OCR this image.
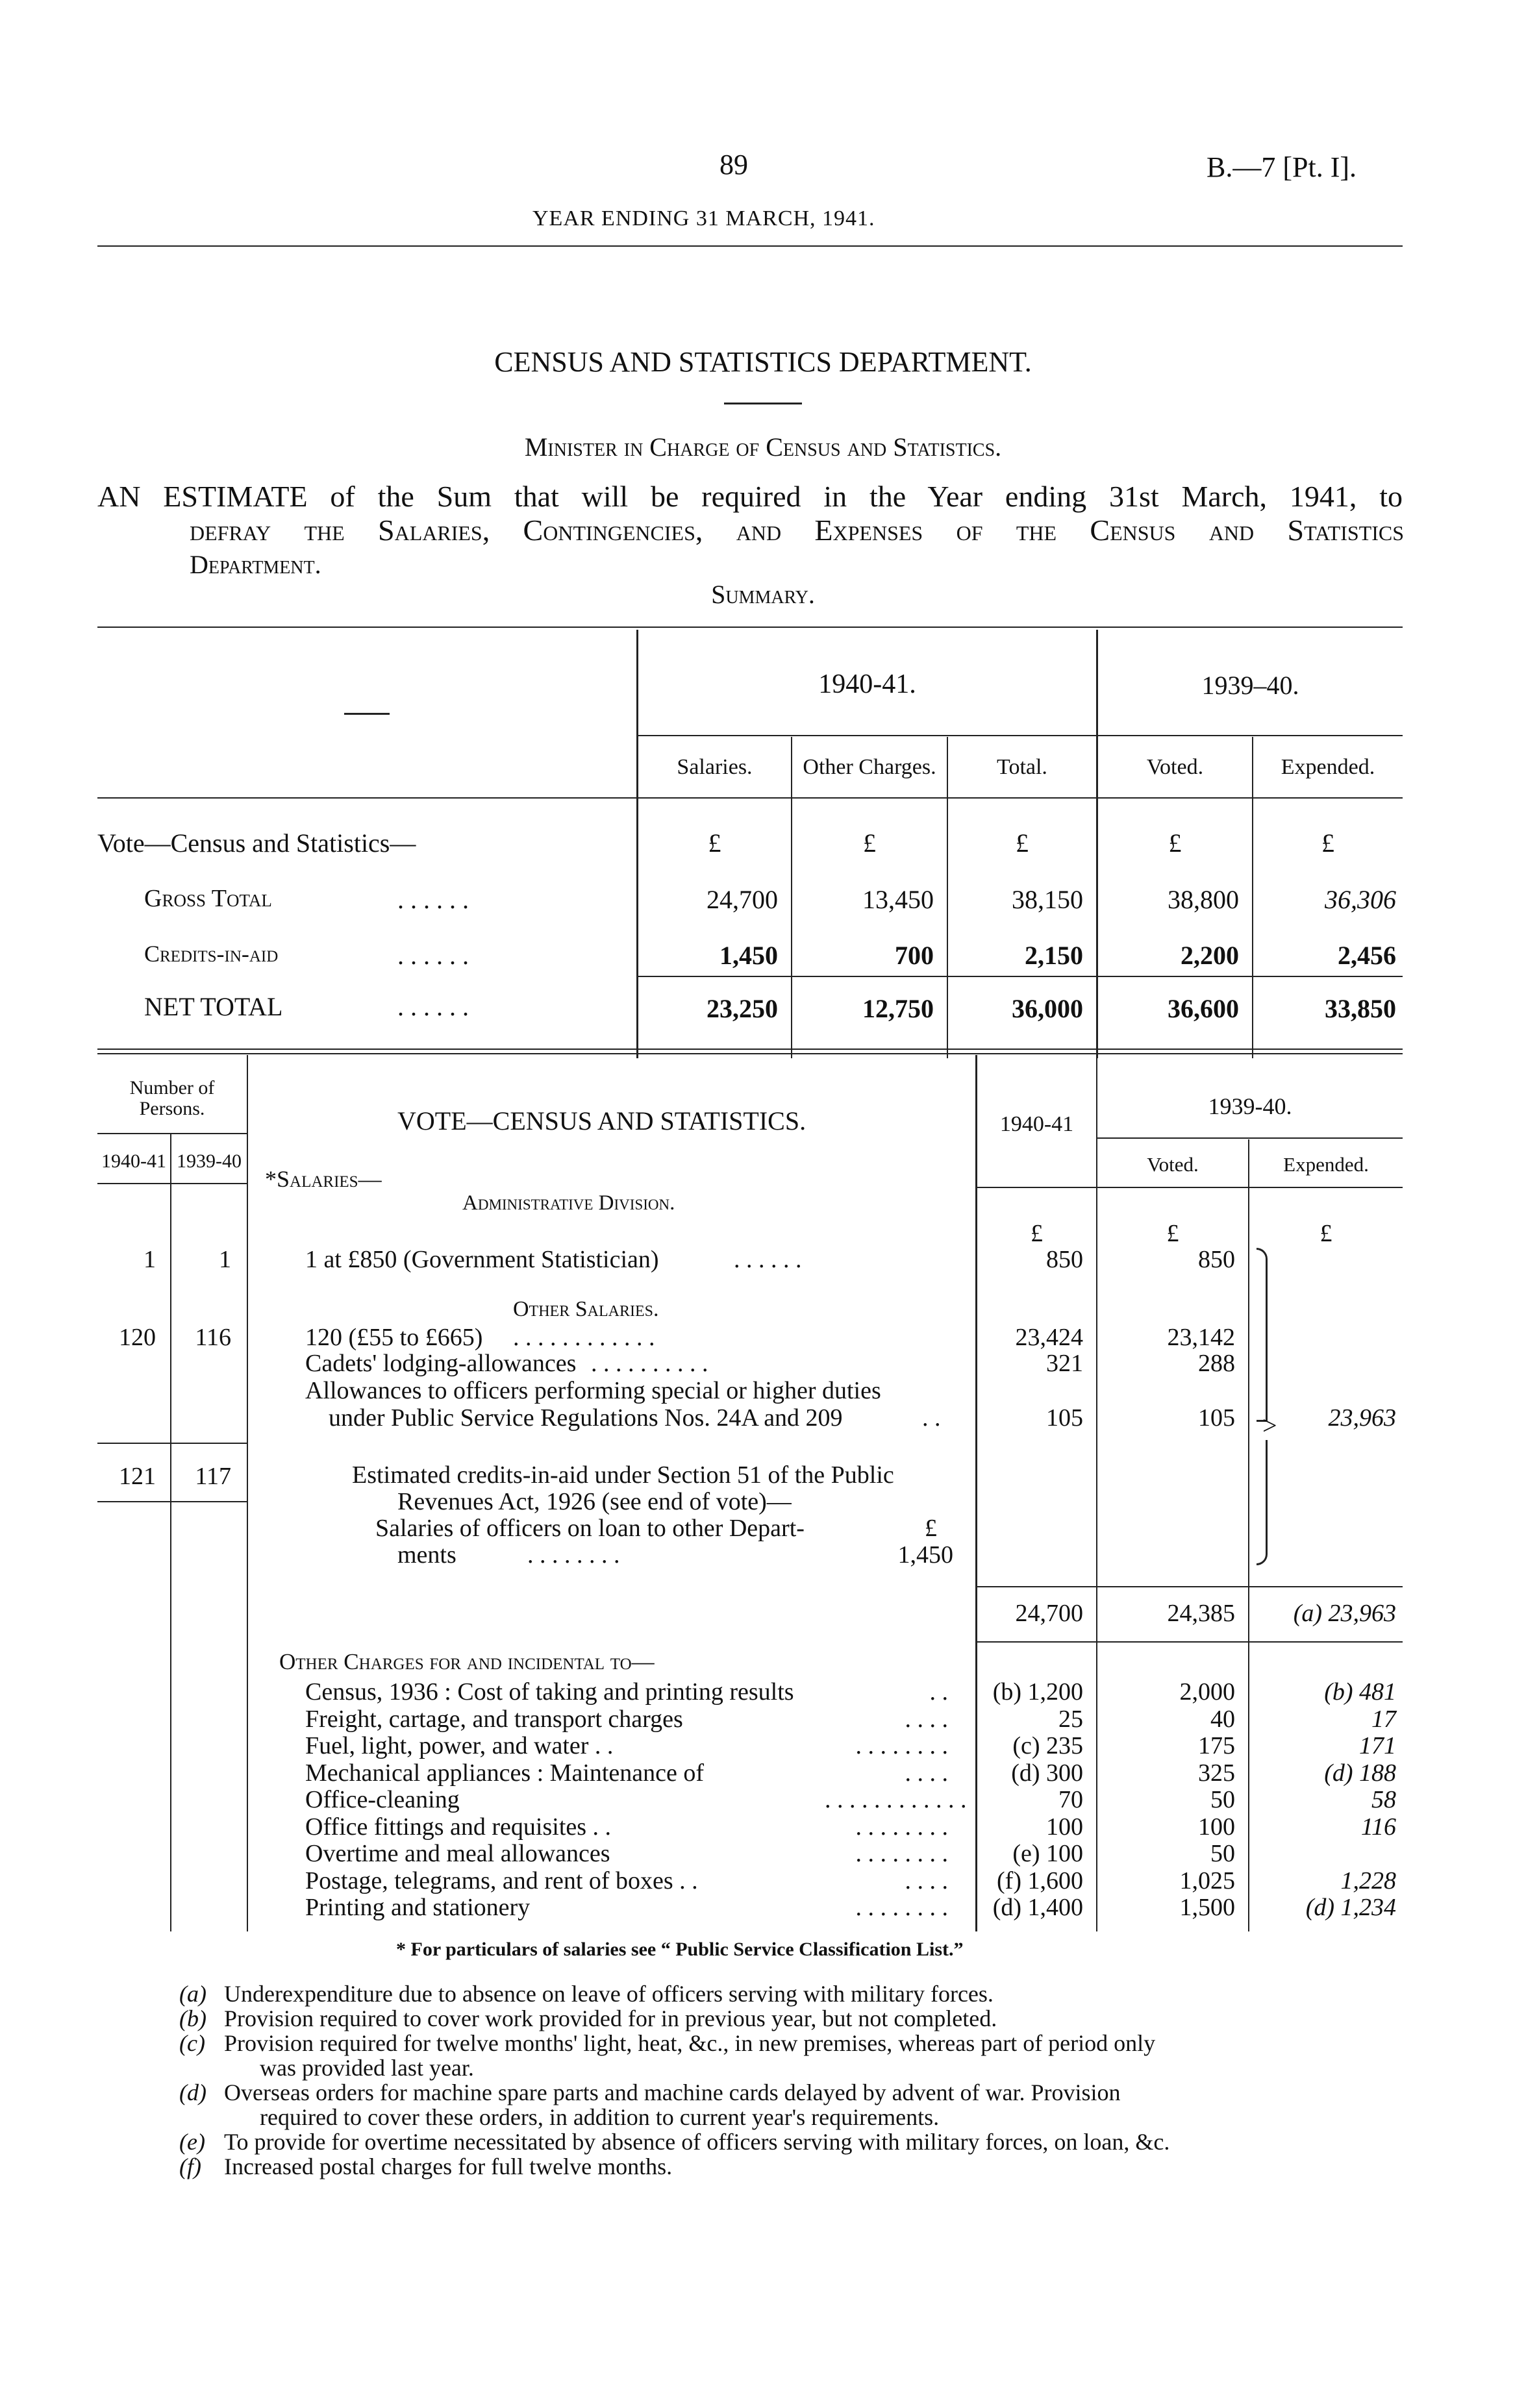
89	B.—7 [Pt. I].
YEAR ENDING 31 MARCH, 1941.
CENSUS AND STATISTICS DEPARTMENT.
Minister in Charge of Census and Statistics.
AN ESTIMATE of the Sum that will be required in the Year ending 31st March, 1941, to
defray the Salaries, Contingencies, and Expenses of the Census and Statistics
Department.
Summary.
1940-41.	1939–40.
Salaries.	Other Charges.	Total.	Voted.	Expended.
Vote—Census and Statistics—	£	£	£	£	£
Gross Total	. . . . . .	24,700	13,450	38,150	38,800	36,306
Credits-in-aid	. . . . . .	1,450	700	2,150	2,200	2,456
NET TOTAL	. . . . . .	23,250	12,750	36,000	36,600	33,850
Number of Persons.
1940-41 1939-40
VOTE—CENSUS AND STATISTICS.	1940-41
1939-40.
Voted.	Expended.
*Salaries—
Administrative Division.
£	£	£
1	1	1 at £850 (Government Statistician)	. . . . . .	850	850
Other Salaries.
120	116	120 (£55 to £665) . . . . . . . . . . . .	23,424	23,142
Cadets' lodging-allowances . . . . . . . . . .	321	288
Allowances to officers performing special or higher duties
under Public Service Regulations Nos. 24A and 209	. .	105	105 >	23,963
121	117	Estimated credits-in-aid under Section 51 of the Public
Revenues Act, 1926 (see end of vote)—
Salaries of officers on loan to other Depart-	£
ments	. . . . . . . .	1,450
24,700	24,385	(a) 23,963
Other Charges for and incidental to—
Census, 1936 : Cost of taking and printing results	. .	(b) 1,200	2,000	(b) 481
Freight, cartage, and transport charges	. . . .	25	40	17
Fuel, light, power, and water . .	. . . . . . . .	(c) 235	175	171
Mechanical appliances : Maintenance of	. . . .	(d) 300	325	(d) 188
Office-cleaning	. . . . . . . . . . . .	70	50	58
Office fittings and requisites . .	. . . . . . . .	100	100	116
Overtime and meal allowances	. . . . . . . .	(e) 100	50
Postage, telegrams, and rent of boxes . .	. . . .	(f) 1,600	1,025	1,228
Printing and stationery	. . . . . . . .	(d) 1,400	1,500	(d) 1,234
* For particulars of salaries see “ Public Service Classification List.”
(a) Underexpenditure due to absence on leave of officers serving with military forces.
(b) Provision required to cover work provided for in previous year, but not completed.
(c) Provision required for twelve months' light, heat, &c., in new premises, whereas part of period only
was provided last year.
(d) Overseas orders for machine spare parts and machine cards delayed by advent of war. Provision
required to cover these orders, in addition to current year's requirements.
(e) To provide for overtime necessitated by absence of officers serving with military forces, on loan, &c.
(f) Increased postal charges for full twelve months.
